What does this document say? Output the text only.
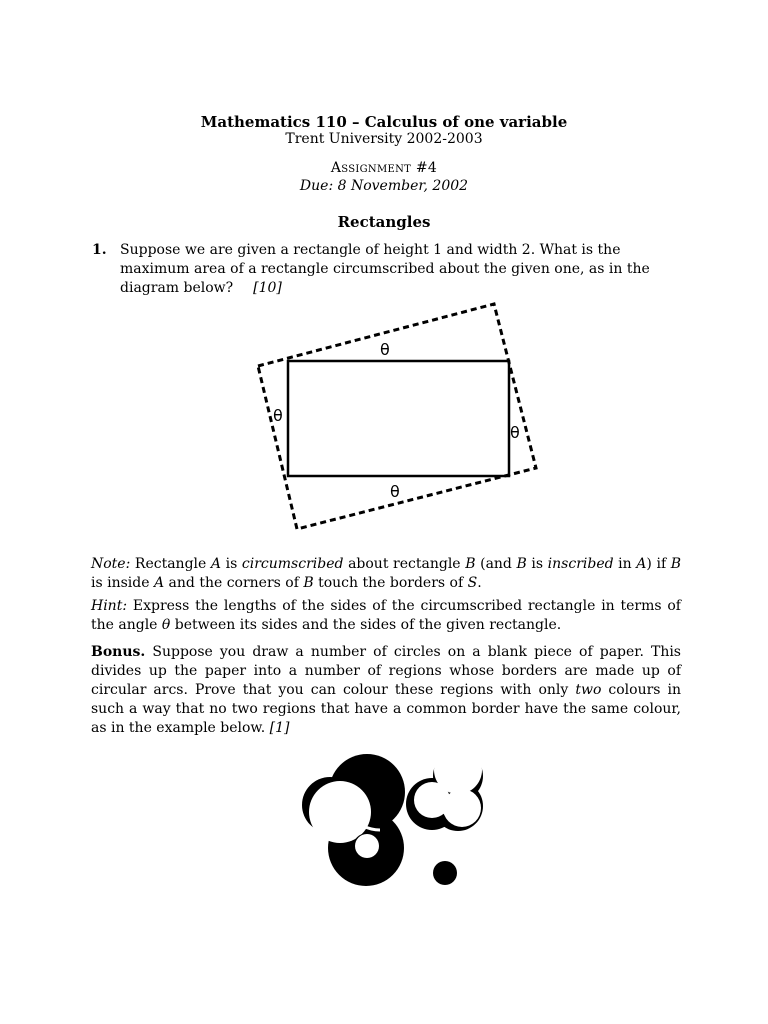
Mathematics 110 – Calculus of one variable
Trent University 2002-2003
Assignment #4
Due: 8 November, 2002
Rectangles
1. Suppose we are given a rectangle of height 1 and width 2. What is the maximum area of a rectangle circumscribed about the given one, as in the diagram below? [10]
θ
θ
θ
θ
Note: Rectangle A is circumscribed about rectangle B (and B is inscribed in A) if B is inside A and the corners of B touch the borders of S.
Hint: Express the lengths of the sides of the circumscribed rectangle in terms of the angle θ between its sides and the sides of the given rectangle.
Bonus. Suppose you draw a number of circles on a blank piece of paper. This divides up the paper into a number of regions whose borders are made up of circular arcs. Prove that you can colour these regions with only two colours in such a way that no two regions that have a common border have the same colour, as in the example below. [1]
